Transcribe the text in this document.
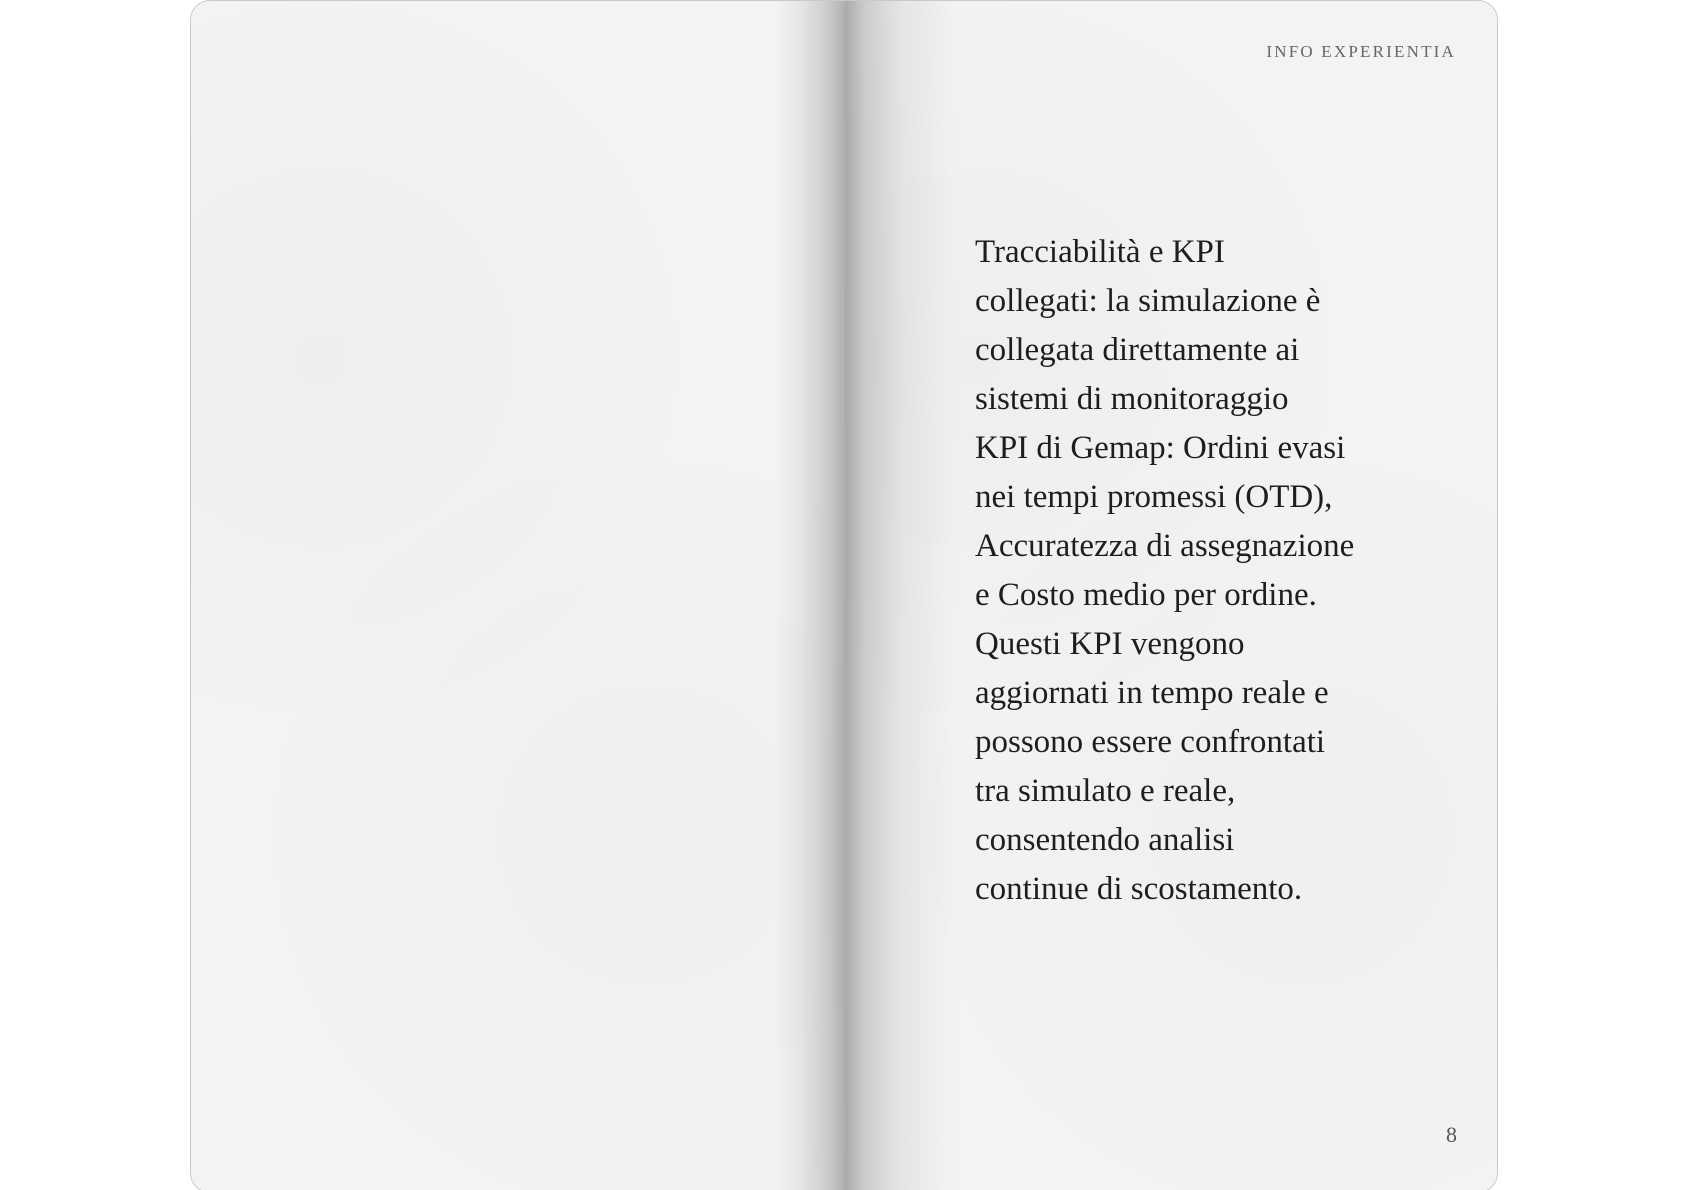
INFO EXPERIENTIA
Tracciabilità e KPI
collegati: la simulazione è
collegata direttamente ai
sistemi di monitoraggio
KPI di Gemap: Ordini evasi
nei tempi promessi (OTD),
Accuratezza di assegnazione
e Costo medio per ordine.
Questi KPI vengono
aggiornati in tempo reale e
possono essere confrontati
tra simulato e reale,
consentendo analisi
continue di scostamento.
8
